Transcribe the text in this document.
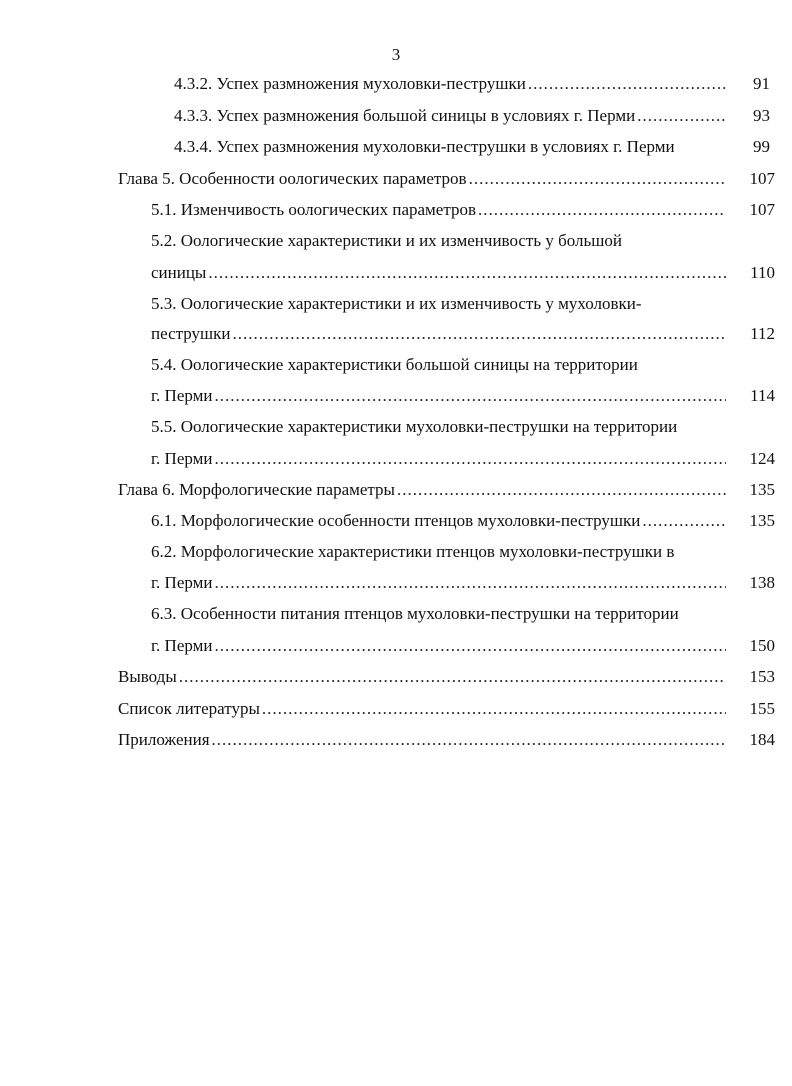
3
4.3.2. Успех размножения мухоловки-пеструшки .....	91
4.3.3. Успех размножения большой синицы в условиях г. Перми .....	93
4.3.4. Успех размножения мухоловки-пеструшки в условиях г. Перми	99
Глава 5. Особенности оологических параметров .....	107
5.1. Изменчивость оологических параметров .....	107
5.2. Оологические характеристики и их изменчивость у большой
синицы .....	110
5.3. Оологические характеристики и их изменчивость у мухоловки-
пеструшки .....	112
5.4. Оологические характеристики большой синицы на территории
г. Перми .....	114
5.5. Оологические характеристики мухоловки-пеструшки на территории
г. Перми .....	124
Глава 6. Морфологические параметры .....	135
6.1. Морфологические особенности птенцов мухоловки-пеструшки .....	135
6.2. Морфологические характеристики птенцов мухоловки-пеструшки в
г. Перми .....	138
6.3. Особенности питания птенцов мухоловки-пеструшки на территории
г. Перми .....	150
Выводы .....	153
Список литературы .....	155
Приложения .....	184
